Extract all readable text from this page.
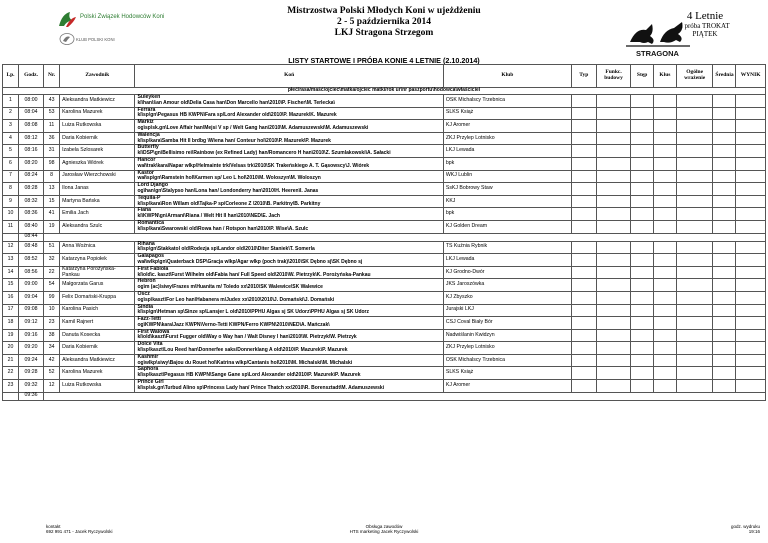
Mistrzostwa Polski Młodych Koni w ujeżdżeniu
2 - 5 października 2014
LKJ Stragona Strzegom
Polski Związek Hodowców Koni
KLUB POLSKI KONI
STRAGONA
4 Letnie
I próba TROKAT
PIĄTEK
LISTY STARTOWE I PRÓBA KONIE 4 LETNIE (2.10.2014)
Lp.	Godz.	Nr.	Zawodnik	Koń	Klub	Typ	Funkc. budowy	Stęp	Kłus	Ogólne wrażenie	Średnia	WYNIK
płeć/rasa/maść/ojciec\matka/ojciec matki/rok ur\nr paszportu\hodowca\właściciel												
1	08:00	43	Aleksandra Matkiewicz	Suleyken
kl\han\ŝan Amour old\Delia Casa han\Don Marcello han\2010\P. Fischer\M. Terlecka\	OSK Michalscy Trzebnica							
2	08:04	53	Karolina Mazurek	Ferrara
kl\sp\gn\Pegasus HB KWPN\Fara sp/Lord Alexander old\2010\P. Mazurek\K. Mazurek	SLKS Książ							
3	08:08	11	Luiza Rutkowska	Markiz
og\sp\sk.gn\Love Affair han\Mejsi V sp / Welt Gang han\2010\M. Adamuszewski\M. Adamuszewski	KJ Aromer							
4	08:12	36	Daria Kobiernik	Walencja
kl\sp\kara\Samba Hit II brdbg \Wiena han/ Conteur hol\2010\P. Mazurek\P. Mazurek	ZKJ Przylep Lotnisko							
5	08:16	31	Izabela Szlosarek	Butterfly
kl\DSP\gn\Bellisimo rei\Rainbow (ex Refined Lady) han/Romancero H han\2010\Z. Szumlakowski\A. Sałacki	LKJ Lewada							
6	08:20	98	Agnieszka Wiórek	Hancor
wał\trak\kara\Napar wlkp\Helmainte trk/Velsas trk\2010\SK Trakeńskiego A. T. Gąsowscy\J. Wiórek	bpk							
7	08:24	8	Jarosław Wierzchowski	Kastor
wał\sp\gn\Ramstein hol\Karmen sp/ Leo L hol\2010\M. Woloszyn\M. Woloszyn	WKJ Lublin							
8	08:28	13	Ilona Janas	Lord Django
og\han\gn\Stalypso han\Lona han/ Londonderry han\2010\H. Heeren\I. Janas	SsKJ Bobrowy Staw							
9	08:32	15	Martyna Bańska	Tequila-P
kl\sp\kara\Ron Willam old\Tajka-P sp/Corleone Z \2010\B. Parkitny\B. Parkitny	KKJ							
10	08:36	41	Emilia Jach	Fiana
kl\KWPN\gn\Armani\Riana / Welt Hit II han\2010\NED\E. Jach	bpk							
11	08:40	19	Aleksandra Szulc	Romantica
kl\sp\kara\Swarowski old\Rowa han / Rotspon han\2010\P. Wise\A. Szulc	KJ Golden Dream							
	08:44											
12	08:48	51	Anna Woźnica	Rihana
kl\sp\gn\Stakkatol old\Rodezja sp\Landor old\2010\Diter Staniek\T. Somerla	TS Kuźnia Rybnik							
13	08:52	32	Katarzyna Popiołek	Galapagos
wał\wlkp\gn\Quaterback DSP\Gracja wlkp/Agar wlkp (poch trak)\2010\SK Dębno sj\SK Dębno sj	LKJ Lewada							
14	08:56	22	Katarzyna Porożyńska-Pankau	First Fabiola
kl\old\c. kaszt\Furst Wilhelm old\Fabia han/ Full Speed old\2010\W. Pietrzyk\K. Porożyńska-Pankau	KJ Grodno-Dwór							
15	09:00	54	Małgorzata Garus	Hebron
og\m (ac)\siwy\Frazes m\Huanita m/ Toledo xx\2010\SK Walewice\SK Walewice	JKS Jaroszówka							
16	09:04	99	Felix Domański-Kruppa	Oscz
og\sp\kaszt\For Leo han\Habanera m/Judex xx\2010\2010\J. Domański\J. Domański	KJ Zbyszko							
17	09:08	10	Karolina Pasich	Sindia
kl\sp\gn\Hetman sp\Sinze sp\Lansjer L old\2010\PPHU Algas sj SK Udorz\PPHU Algas sj SK Udorz	Jurajski LKJ							
18	09:12	23	Kamil Rajnert	Fazz-Tetti
og\KWPN\kara\Jazz KWPN\Verno-Tetti KWPN/Ferro KWPN\2010\NED\A. Mańczak\	CSJ Coval Biały Bór							
19	09:16	38	Danuta Kosecka	First Waiowa
kl\old\kaszt\Furst Fugger old\Way o Way han / Walt Disney I han\2010\W. Pietrzyk\W. Pietrzyk	Nadwiślanin Kwidzyn							
20	09:20	34	Daria Kobiernik	Dolce Vita
kl\sp\kaszt\Lou Reed han\Donnerfee saks/Donnerklang A old\2010\P. Mazurek\P. Mazurek	ZKJ Przylep Lotnisko							
21	09:24	42	Aleksandra Matkiewicz	Kashmir
og\wlkp\siwy\Bajou du Rouet hol\Katrina wlkp/Cantanis hol\2010\M. Michalski\M. Michalski	OSK Michalscy Trzebnica							
22	09:28	52	Karolina Mazurek	Saphora
kl\sp\kaszt\Pegasus HB KWPN\Sange Gane sp\Lord Alexander old\2010\P. Mazurek\P. Mazurek	SLKS Książ							
23	09:32	12	Luiza Rutkowska	Prince Girl
kl\sp\sk.gn\Turbud Alino sp\Princess Lady han/ Prince Thatch xx\2010\R. Borensztadt\M. Adamuszewski	KJ Aromer							
	09:36											
kontakt
692 991 471 - Jacek Ryczywolski
Obsługa zawodów
HTS marketing Jacek Ryczywolski
godz. wydruku
19:16
